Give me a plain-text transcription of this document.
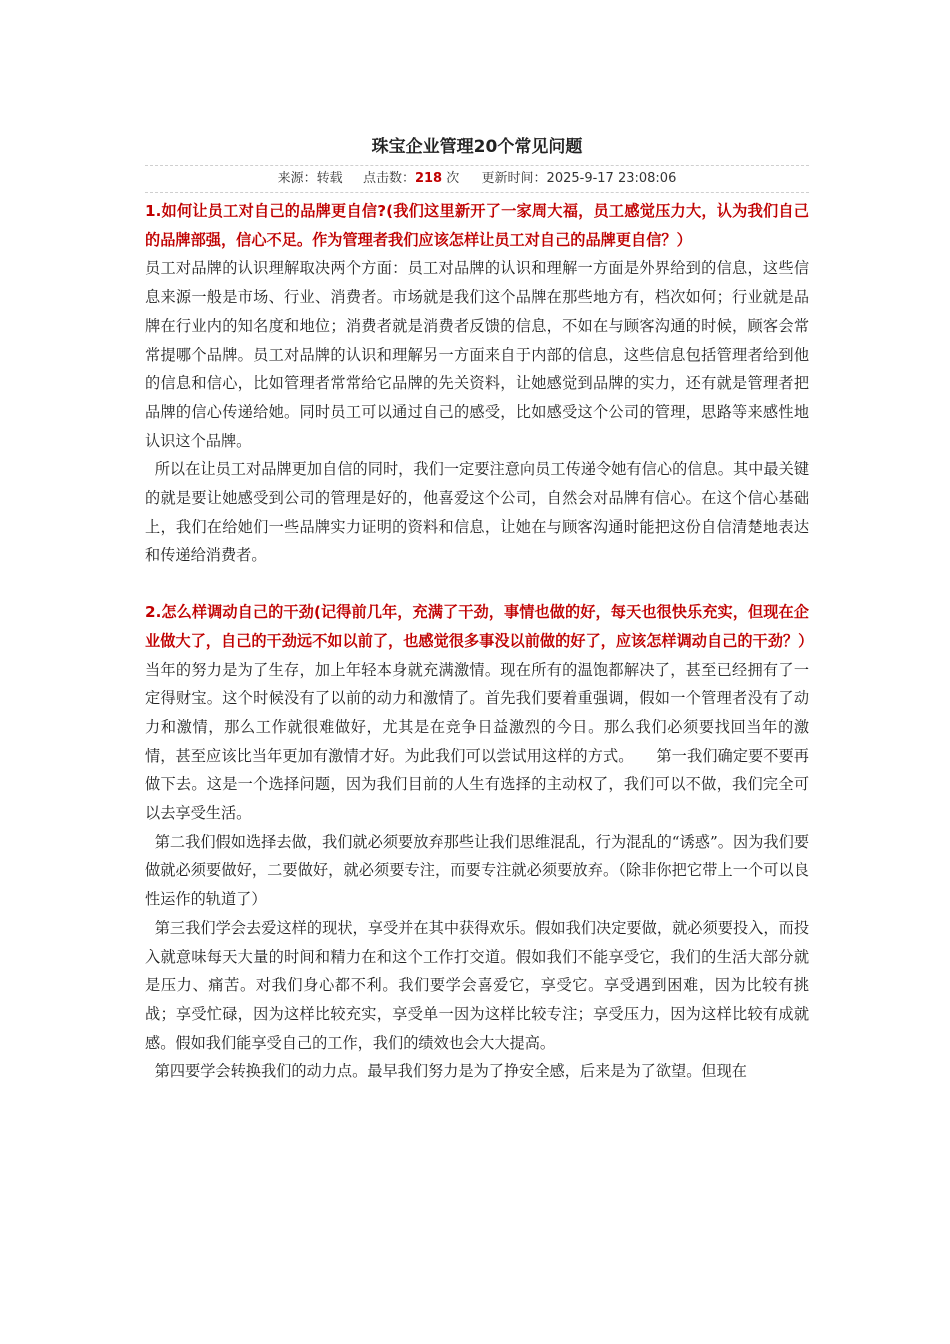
珠宝企业管理20个常见问题
来源：转载 点击数：218 次 更新时间：2025-9-17 23:08:06

1.如何让员工对自己的品牌更自信?(我们这里新开了一家周大福，员工感觉压力大，认为我们自己的品牌部强，信心不足。作为管理者我们应该怎样让员工对自己的品牌更自信？）

员工对品牌的认识理解取决两个方面：员工对品牌的认识和理解一方面是外界给到的信息，这些信息来源一般是市场、行业、消费者。市场就是我们这个品牌在那些地方有，档次如何；行业就是品牌在行业内的知名度和地位；消费者就是消费者反馈的信息，不如在与顾客沟通的时候，顾客会常常提哪个品牌。员工对品牌的认识和理解另一方面来自于内部的信息，这些信息包括管理者给到他的信息和信心，比如管理者常常给它品牌的先关资料，让她感觉到品牌的实力，还有就是管理者把品牌的信心传递给她。同时员工可以通过自己的感受，比如感受这个公司的管理，思路等来感性地认识这个品牌。

所以在让员工对品牌更加自信的同时，我们一定要注意向员工传递令她有信心的信息。其中最关键的就是要让她感受到公司的管理是好的，他喜爱这个公司，自然会对品牌有信心。在这个信心基础上，我们在给她们一些品牌实力证明的资料和信息，让她在与顾客沟通时能把这份自信清楚地表达和传递给消费者。

2.怎么样调动自己的干劲(记得前几年，充满了干劲，事情也做的好，每天也很快乐充实，但现在企业做大了，自己的干劲远不如以前了，也感觉很多事没以前做的好了，应该怎样调动自己的干劲？）

当年的努力是为了生存，加上年轻本身就充满激情。现在所有的温饱都解决了，甚至已经拥有了一定得财宝。这个时候没有了以前的动力和激情了。首先我们要着重强调，假如一个管理者没有了动力和激情，那么工作就很难做好，尤其是在竞争日益激烈的今日。那么我们必须要找回当年的激情，甚至应该比当年更加有激情才好。为此我们可以尝试用这样的方式。　　第一我们确定要不要再做下去。这是一个选择问题，因为我们目前的人生有选择的主动权了，我们可以不做，我们完全可以去享受生活。

第二我们假如选择去做，我们就必须要放弃那些让我们思维混乱，行为混乱的“诱惑”。因为我们要做就必须要做好，二要做好，就必须要专注，而要专注就必须要放弃。（除非你把它带上一个可以良性运作的轨道了）

第三我们学会去爱这样的现状，享受并在其中获得欢乐。假如我们决定要做，就必须要投入，而投入就意味每天大量的时间和精力在和这个工作打交道。假如我们不能享受它，我们的生活大部分就是压力、痛苦。对我们身心都不利。我们要学会喜爱它，享受它。享受遇到困难，因为比较有挑战；享受忙碌，因为这样比较充实，享受单一因为这样比较专注；享受压力，因为这样比较有成就感。假如我们能享受自己的工作，我们的绩效也会大大提高。

第四要学会转换我们的动力点。最早我们努力是为了挣安全感，后来是为了欲望。但现在
